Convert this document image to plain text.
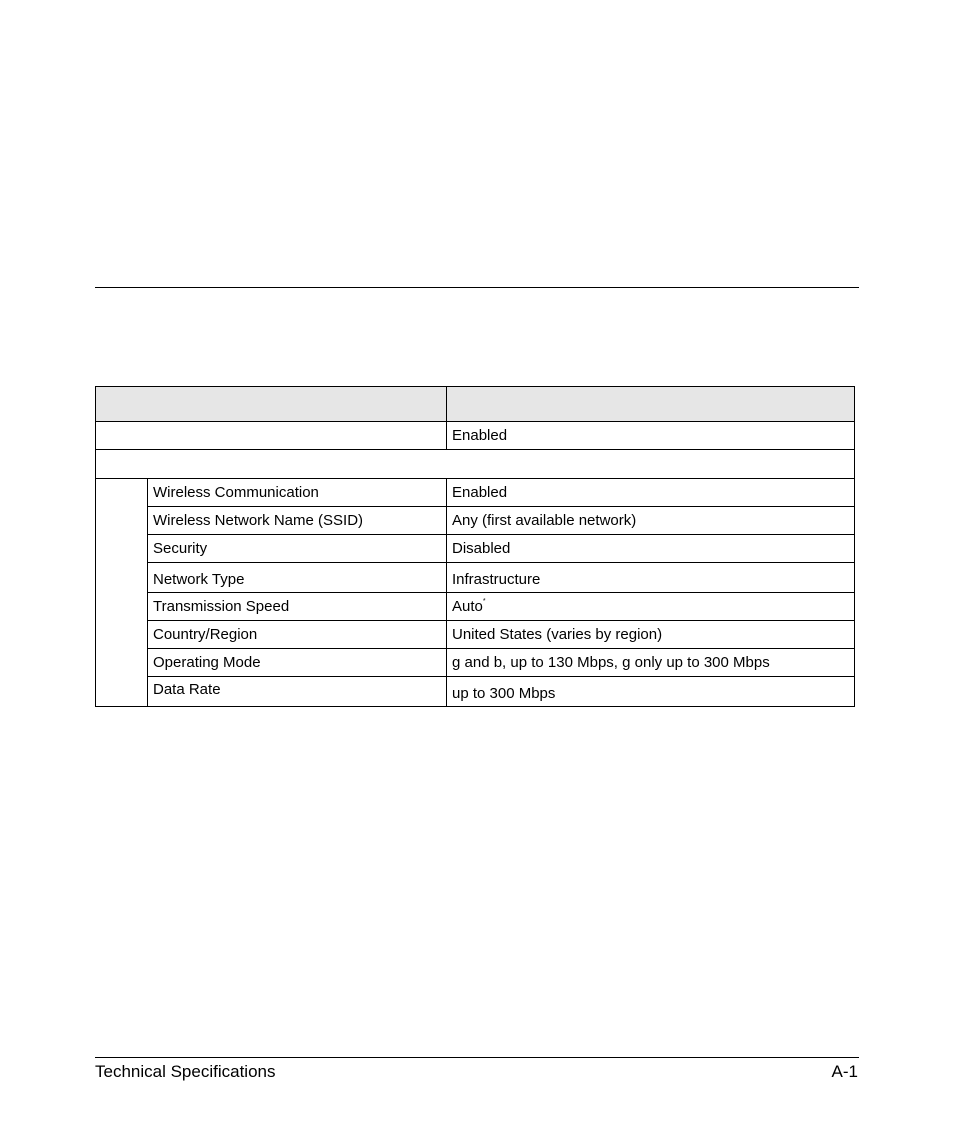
		Enabled

	Wireless Communication	Enabled
	Wireless Network Name (SSID)	Any (first available network)
	Security	Disabled
	Network Type	Infrastructure
	Transmission Speed	Auto*
	Country/Region	United States (varies by region)
	Operating Mode	g and b, up to 130 Mbps, g only up to 300 Mbps
	Data Rate	up to 300 Mbps
Technical Specifications	A-1
